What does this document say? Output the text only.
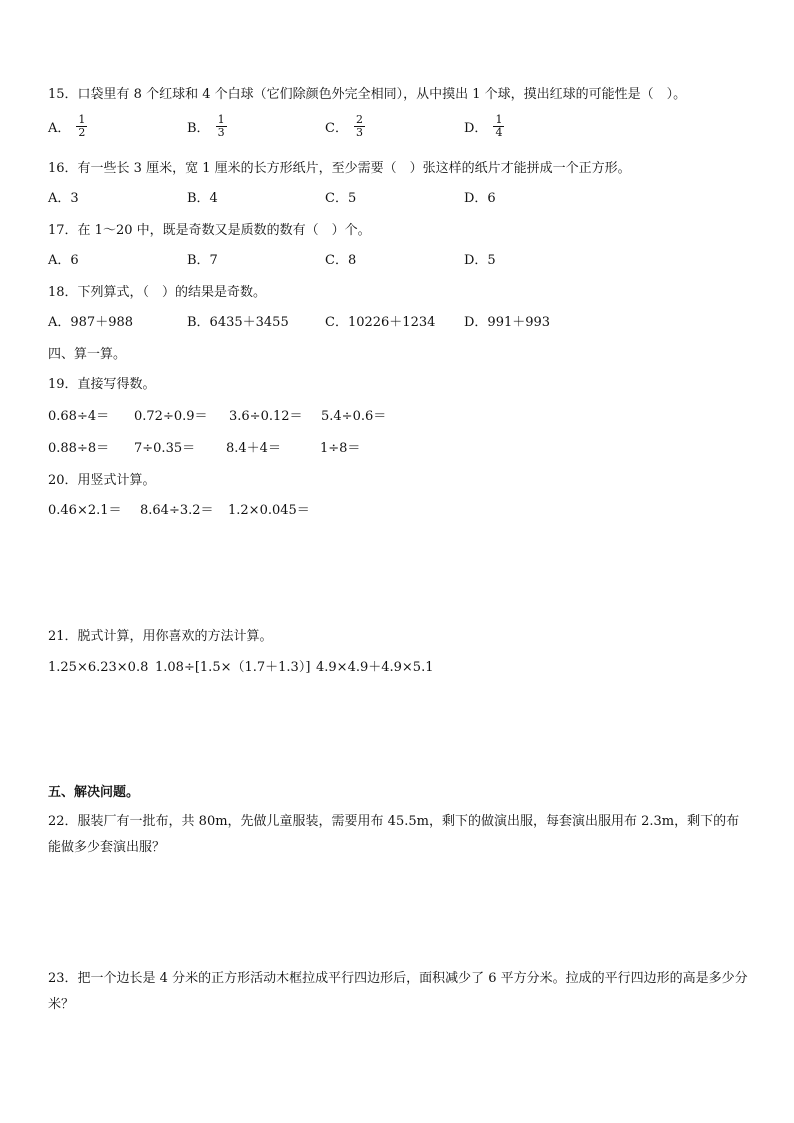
15．口袋里有 8 个红球和 4 个白球（它们除颜色外完全相同），从中摸出 1 个球，摸出红球的可能性是（　）。
A． $\frac{1}{2}$	B． $\frac{1}{3}$	C． $\frac{2}{3}$	D． $\frac{1}{4}$
16．有一些长 3 厘米，宽 1 厘米的长方形纸片，至少需要（　）张这样的纸片才能拼成一个正方形。
A．3	B．4	C．5	D．6
17．在 1～20 中，既是奇数又是质数的数有（　）个。
A．6	B．7	C．8	D．5
18．下列算式，（　）的结果是奇数。
A．987＋988	B．6435＋3455	C．10226＋1234 D．991＋993
四、算一算。
19．直接写得数。
0.68÷4＝ 0.72÷0.9＝ 3.6÷0.12＝ 5.4÷0.6＝
0.88÷8＝ 7÷0.35＝ 8.4＋4＝	1÷8＝
20．用竖式计算。
0.46×2.1＝ 8.64÷3.2＝ 1.2×0.045＝
21．脱式计算，用你喜欢的方法计算。
1.25×6.23×0.8 1.08÷[1.5×（1.7＋1.3）] 4.9×4.9＋4.9×5.1
五、解决问题。
22．服装厂有一批布，共 80m，先做儿童服装，需要用布 45.5m，剩下的做演出服，每套演出服用布 2.3m，剩下的布能做多少套演出服？
23．把一个边长是 4 分米的正方形活动木框拉成平行四边形后，面积减少了 6 平方分米。拉成的平行四边形的高是多少分米？
